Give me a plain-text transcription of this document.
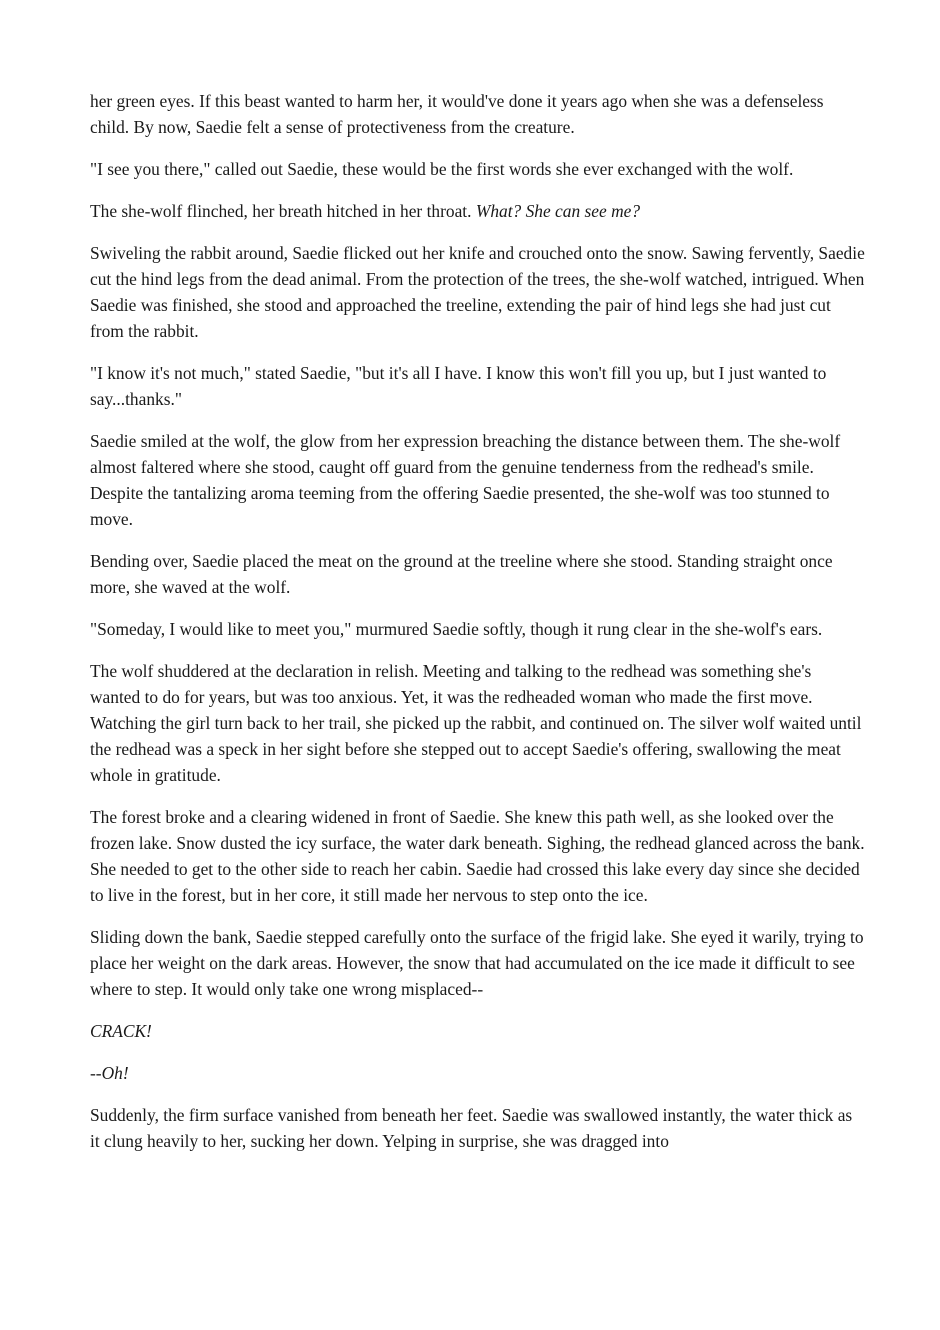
her green eyes. If this beast wanted to harm her, it would've done it years ago when she was a defenseless child. By now, Saedie felt a sense of protectiveness from the creature.

"I see you there," called out Saedie, these would be the first words she ever exchanged with the wolf.

The she-wolf flinched, her breath hitched in her throat. What? She can see me?

Swiveling the rabbit around, Saedie flicked out her knife and crouched onto the snow. Sawing fervently, Saedie cut the hind legs from the dead animal. From the protection of the trees, the she-wolf watched, intrigued. When Saedie was finished, she stood and approached the treeline, extending the pair of hind legs she had just cut from the rabbit.

"I know it's not much," stated Saedie, "but it's all I have. I know this won't fill you up, but I just wanted to say...thanks."

Saedie smiled at the wolf, the glow from her expression breaching the distance between them. The she-wolf almost faltered where she stood, caught off guard from the genuine tenderness from the redhead's smile. Despite the tantalizing aroma teeming from the offering Saedie presented, the she-wolf was too stunned to move.

Bending over, Saedie placed the meat on the ground at the treeline where she stood. Standing straight once more, she waved at the wolf.

"Someday, I would like to meet you," murmured Saedie softly, though it rung clear in the she-wolf's ears.

The wolf shuddered at the declaration in relish. Meeting and talking to the redhead was something she's wanted to do for years, but was too anxious. Yet, it was the redheaded woman who made the first move. Watching the girl turn back to her trail, she picked up the rabbit, and continued on. The silver wolf waited until the redhead was a speck in her sight before she stepped out to accept Saedie's offering, swallowing the meat whole in gratitude.

The forest broke and a clearing widened in front of Saedie. She knew this path well, as she looked over the frozen lake. Snow dusted the icy surface, the water dark beneath. Sighing, the redhead glanced across the bank. She needed to get to the other side to reach her cabin. Saedie had crossed this lake every day since she decided to live in the forest, but in her core, it still made her nervous to step onto the ice.

Sliding down the bank, Saedie stepped carefully onto the surface of the frigid lake. She eyed it warily, trying to place her weight on the dark areas. However, the snow that had accumulated on the ice made it difficult to see where to step. It would only take one wrong misplaced--

CRACK!

--Oh!

Suddenly, the firm surface vanished from beneath her feet. Saedie was swallowed instantly, the water thick as it clung heavily to her, sucking her down. Yelping in surprise, she was dragged into
